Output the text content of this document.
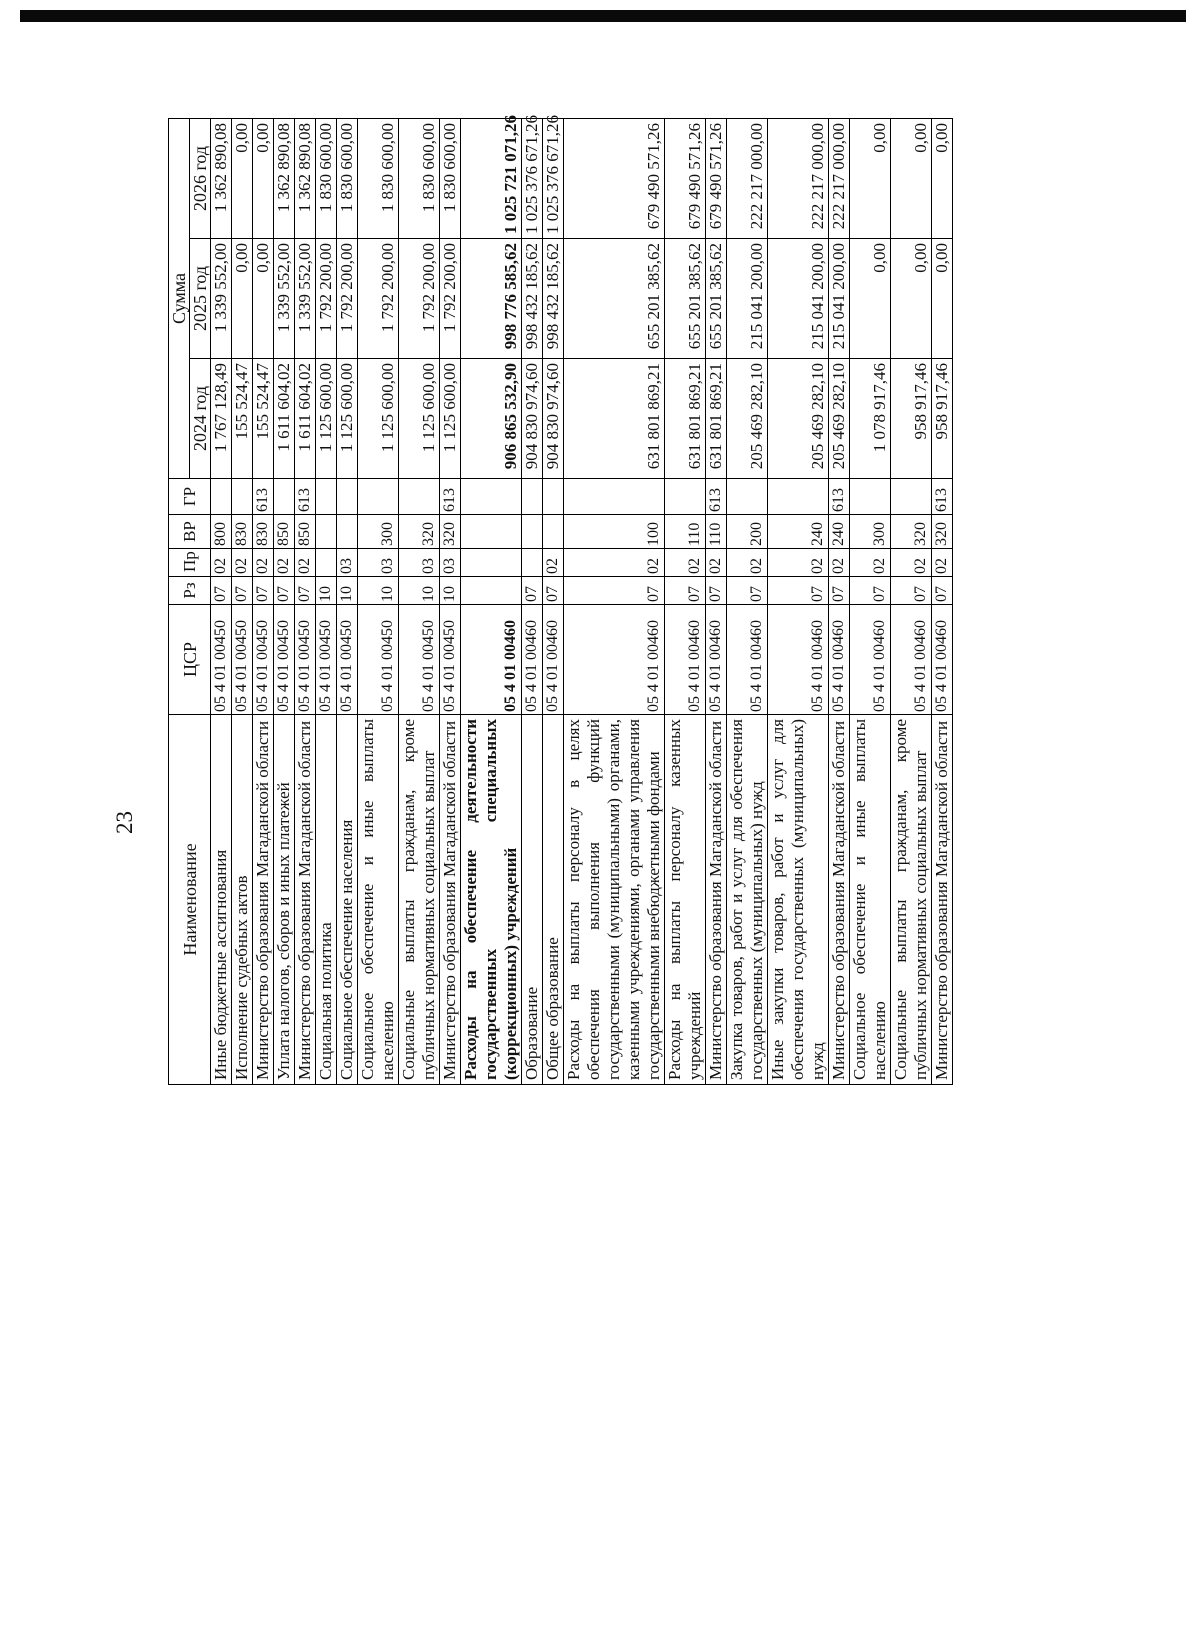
23
Наименование	ЦСР	Рз	Пр	ВР	ГР	Сумма		
						2024 год	2025 год	2026 год
Иные бюджетные ассигнования	05 4 01 00450	07	02	800		1 767 128,49	1 339 552,00	1 362 890,08
Исполнение судебных актов	05 4 01 00450	07	02	830		155 524,47	0,00	0,00
Министерство образования Магаданской области	05 4 01 00450	07	02	830	613	155 524,47	0,00	0,00
Уплата налогов, сборов и иных платежей	05 4 01 00450	07	02	850		1 611 604,02	1 339 552,00	1 362 890,08
Министерство образования Магаданской области	05 4 01 00450	07	02	850	613	1 611 604,02	1 339 552,00	1 362 890,08
Социальная политика	05 4 01 00450	10				1 125 600,00	1 792 200,00	1 830 600,00
Социальное обеспечение населения	05 4 01 00450	10	03			1 125 600,00	1 792 200,00	1 830 600,00
Социальное обеспечение и иные выплаты населению	05 4 01 00450	10	03	300		1 125 600,00	1 792 200,00	1 830 600,00
Социальные выплаты гражданам, кроме публичных нормативных социальных выплат	05 4 01 00450	10	03	320		1 125 600,00	1 792 200,00	1 830 600,00
Министерство образования Магаданской области	05 4 01 00450	10	03	320	613	1 125 600,00	1 792 200,00	1 830 600,00
Расходы на обеспечение деятельности государственных специальных (коррекционных) учреждений	05 4 01 00460					906 865 532,90	998 776 585,62	1 025 721 071,26
Образование	05 4 01 00460	07				904 830 974,60	998 432 185,62	1 025 376 671,26
Общее образование	05 4 01 00460	07	02			904 830 974,60	998 432 185,62	1 025 376 671,26
Расходы на выплаты персоналу в целях обеспечения выполнения функций государственными (муниципальными) органами, казенными учреждениями, органами управления государственными внебюджетными фондами	05 4 01 00460	07	02	100		631 801 869,21	655 201 385,62	679 490 571,26
Расходы на выплаты персоналу казенных учреждений	05 4 01 00460	07	02	110		631 801 869,21	655 201 385,62	679 490 571,26
Министерство образования Магаданской области	05 4 01 00460	07	02	110	613	631 801 869,21	655 201 385,62	679 490 571,26
Закупка товаров, работ и услуг для обеспечения государственных (муниципальных) нужд	05 4 01 00460	07	02	200		205 469 282,10	215 041 200,00	222 217 000,00
Иные закупки товаров, работ и услуг для обеспечения государственных (муниципальных) нужд	05 4 01 00460	07	02	240		205 469 282,10	215 041 200,00	222 217 000,00
Министерство образования Магаданской области	05 4 01 00460	07	02	240	613	205 469 282,10	215 041 200,00	222 217 000,00
Социальное обеспечение и иные выплаты населению	05 4 01 00460	07	02	300		1 078 917,46	0,00	0,00
Социальные выплаты гражданам, кроме публичных нормативных социальных выплат	05 4 01 00460	07	02	320		958 917,46	0,00	0,00
Министерство образования Магаданской области	05 4 01 00460	07	02	320	613	958 917,46	0,00	0,00
